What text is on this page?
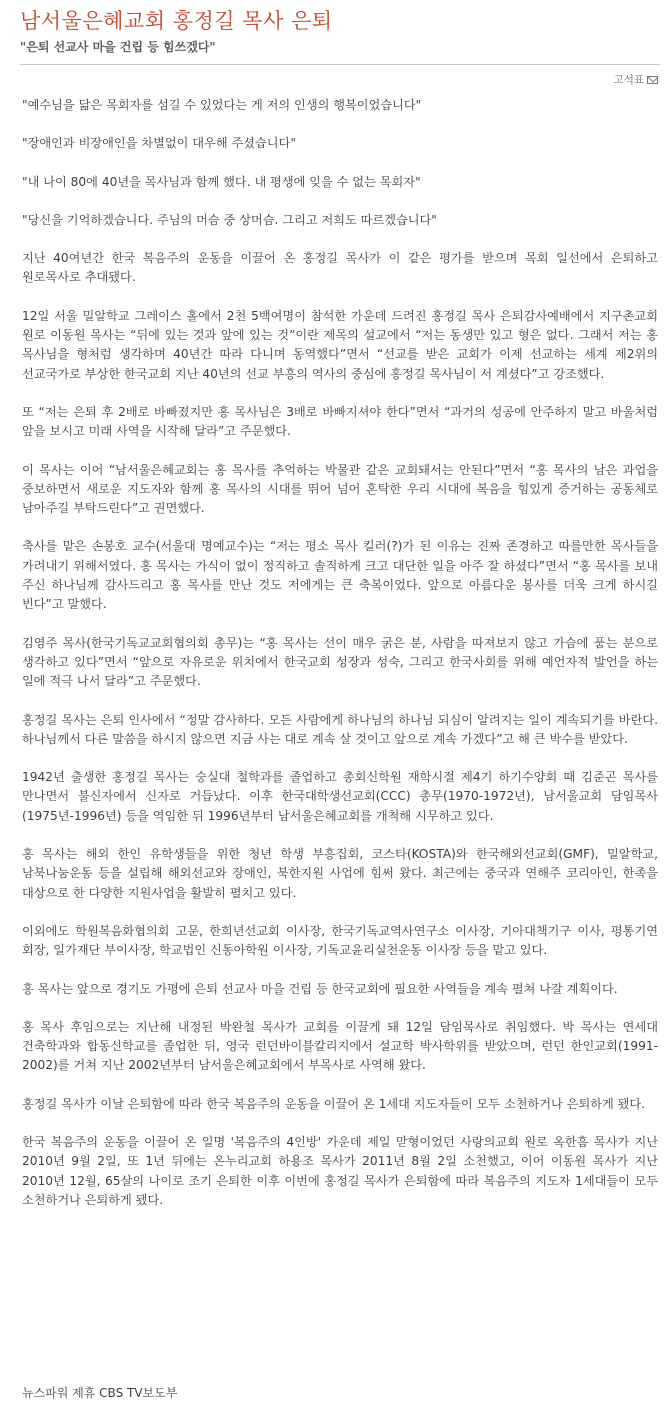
남서울은혜교회 홍정길 목사 은퇴

"은퇴 선교사 마을 건립 등 힘쓰겠다"

고석표

"예수님을 닮은 목회자를 섬길 수 있었다는 게 저의 인생의 행복이었습니다"

"장애인과 비장애인을 차별없이 대우해 주셨습니다"

"내 나이 80에 40년을 목사님과 함께 했다. 내 평생에 잊을 수 없는 목회자"

"당신을 기억하겠습니다. 주님의 머슴 중 상머슴. 그리고 저희도 따르겠습니다"

지난 40여년간 한국 복음주의 운동을 이끌어 온 홍정길 목사가 이 같은 평가를 받으며 목회 일선에서 은퇴하고 원로목사로 추대됐다.

12일 서울 밀알학교 그레이스 홀에서 2천 5백여명이 참석한 가운데 드려진 홍정길 목사 은퇴감사예배에서 지구촌교회 원로 이동원 목사는 “뒤에 있는 것과 앞에 있는 것”이란 제목의 설교에서 “저는 동생만 있고 형은 없다. 그래서 저는 홍 목사님을 형처럼 생각하며 40년간 따라 다니며 동역했다”면서 “선교를 받은 교회가 이제 선교하는 세계 제2위의 선교국가로 부상한 한국교회 지난 40년의 선교 부흥의 역사의 중심에 홍정길 목사님이 서 계셨다”고 강조했다.

또 “저는 은퇴 후 2배로 바빠졌지만 홍 목사님은 3배로 바빠지셔야 한다”면서 “과거의 성공에 안주하지 말고 바울처럼 앞을 보시고 미래 사역을 시작해 달라”고 주문했다.

이 목사는 이어 “남서울은혜교회는 홍 목사를 추억하는 박물관 같은 교회돼서는 안된다”면서 “홍 목사의 남은 과업을 중보하면서 새로운 지도자와 함께 홍 목사의 시대를 뛰어 넘어 혼탁한 우리 시대에 복음을 힘있게 증거하는 공동체로 남아주길 부탁드린다”고 권면했다.

축사를 맡은 손봉호 교수(서울대 명예교수)는 “저는 평소 목사 킬러(?)가 된 이유는 진짜 존경하고 따를만한 목사들을 가려내기 위해서였다. 홍 목사는 가식이 없이 정직하고 솔직하게 크고 대단한 일을 아주 잘 하셨다”면서 “홍 목사를 보내 주신 하나님께 감사드리고 홍 목사를 만난 것도 저에게는 큰 축복이었다. 앞으로 아름다운 봉사를 더욱 크게 하시길 빈다”고 말했다.

김영주 목사(한국기독교교회협의회 총무)는 “홍 목사는 선이 매우 굵은 분, 사람을 따져보지 않고 가슴에 품는 분으로 생각하고 있다”면서 “앞으로 자유로운 위치에서 한국교회 성장과 성숙, 그리고 한국사회를 위해 예언자적 발언을 하는 일에 적극 나서 달라”고 주문했다.

홍정길 목사는 은퇴 인사에서 “정말 감사하다. 모든 사람에게 하나님의 하나님 되심이 알려지는 일이 계속되기를 바란다. 하나님께서 다른 말씀을 하시지 않으면 지금 사는 대로 계속 살 것이고 앞으로 계속 가겠다”고 해 큰 박수를 받았다.

1942년 출생한 홍정길 목사는 숭실대 철학과를 졸업하고 총회신학원 재학시절 제4기 하기수양회 때 김준곤 목사를 만나면서 불신자에서 신자로 거듭났다. 이후 한국대학생선교회(CCC) 총무(1970-1972년), 남서울교회 담임목사(1975년-1996년) 등을 역임한 뒤 1996년부터 남서울은혜교회를 개척해 시무하고 있다.

홍 목사는 해외 한인 유학생들을 위한 청년 학생 부흥집회, 코스타(KOSTA)와 한국해외선교회(GMF), 밀알학교, 남북나눔운동 등을 설립해 해외선교와 장애인, 북한지원 사업에 힘써 왔다. 최근에는 중국과 연해주 코리아인, 한족을 대상으로 한 다양한 지원사업을 활발히 펼치고 있다.

이외에도 학원복음화협의회 고문, 한희년선교회 이사장, 한국기독교역사연구소 이사장, 기아대책기구 이사, 평통기연 회장, 일가재단 부이사장, 학교법인 신동아학원 이사장, 기독교윤리실천운동 이사장 등을 맡고 있다.

홍 목사는 앞으로 경기도 가평에 은퇴 선교사 마을 건립 등 한국교회에 필요한 사역들을 계속 펼쳐 나갈 계획이다.

홍 목사 후임으로는 지난해 내정된 박완철 목사가 교회를 이끌게 돼 12일 담임목사로 취임했다. 박 목사는 연세대 건축학과와 합동신학교를 졸업한 뒤, 영국 런던바이블칼리지에서 설교학 박사학위를 받았으며, 런던 한인교회(1991-2002)를 거쳐 지난 2002년부터 남서울은혜교회에서 부목사로 사역해 왔다.

홍정길 목사가 이날 은퇴함에 따라 한국 복음주의 운동을 이끌어 온 1세대 지도자들이 모두 소천하거나 은퇴하게 됐다.

한국 복음주의 운동을 이끌어 온 일명 '복음주의 4인방' 가운데 제일 맏형이었던 사랑의교회 원로 옥한흠 목사가 지난 2010년 9월 2일, 또 1년 뒤에는 온누리교회 하용조 목사가 2011년 8월 2일 소천했고, 이어 이동원 목사가 지난 2010년 12월, 65살의 나이로 조기 은퇴한 이후 이번에 홍정길 목사가 은퇴함에 따라 복음주의 지도자 1세대들이 모두 소천하거나 은퇴하게 됐다.

뉴스파워 제휴 CBS TV보도부
